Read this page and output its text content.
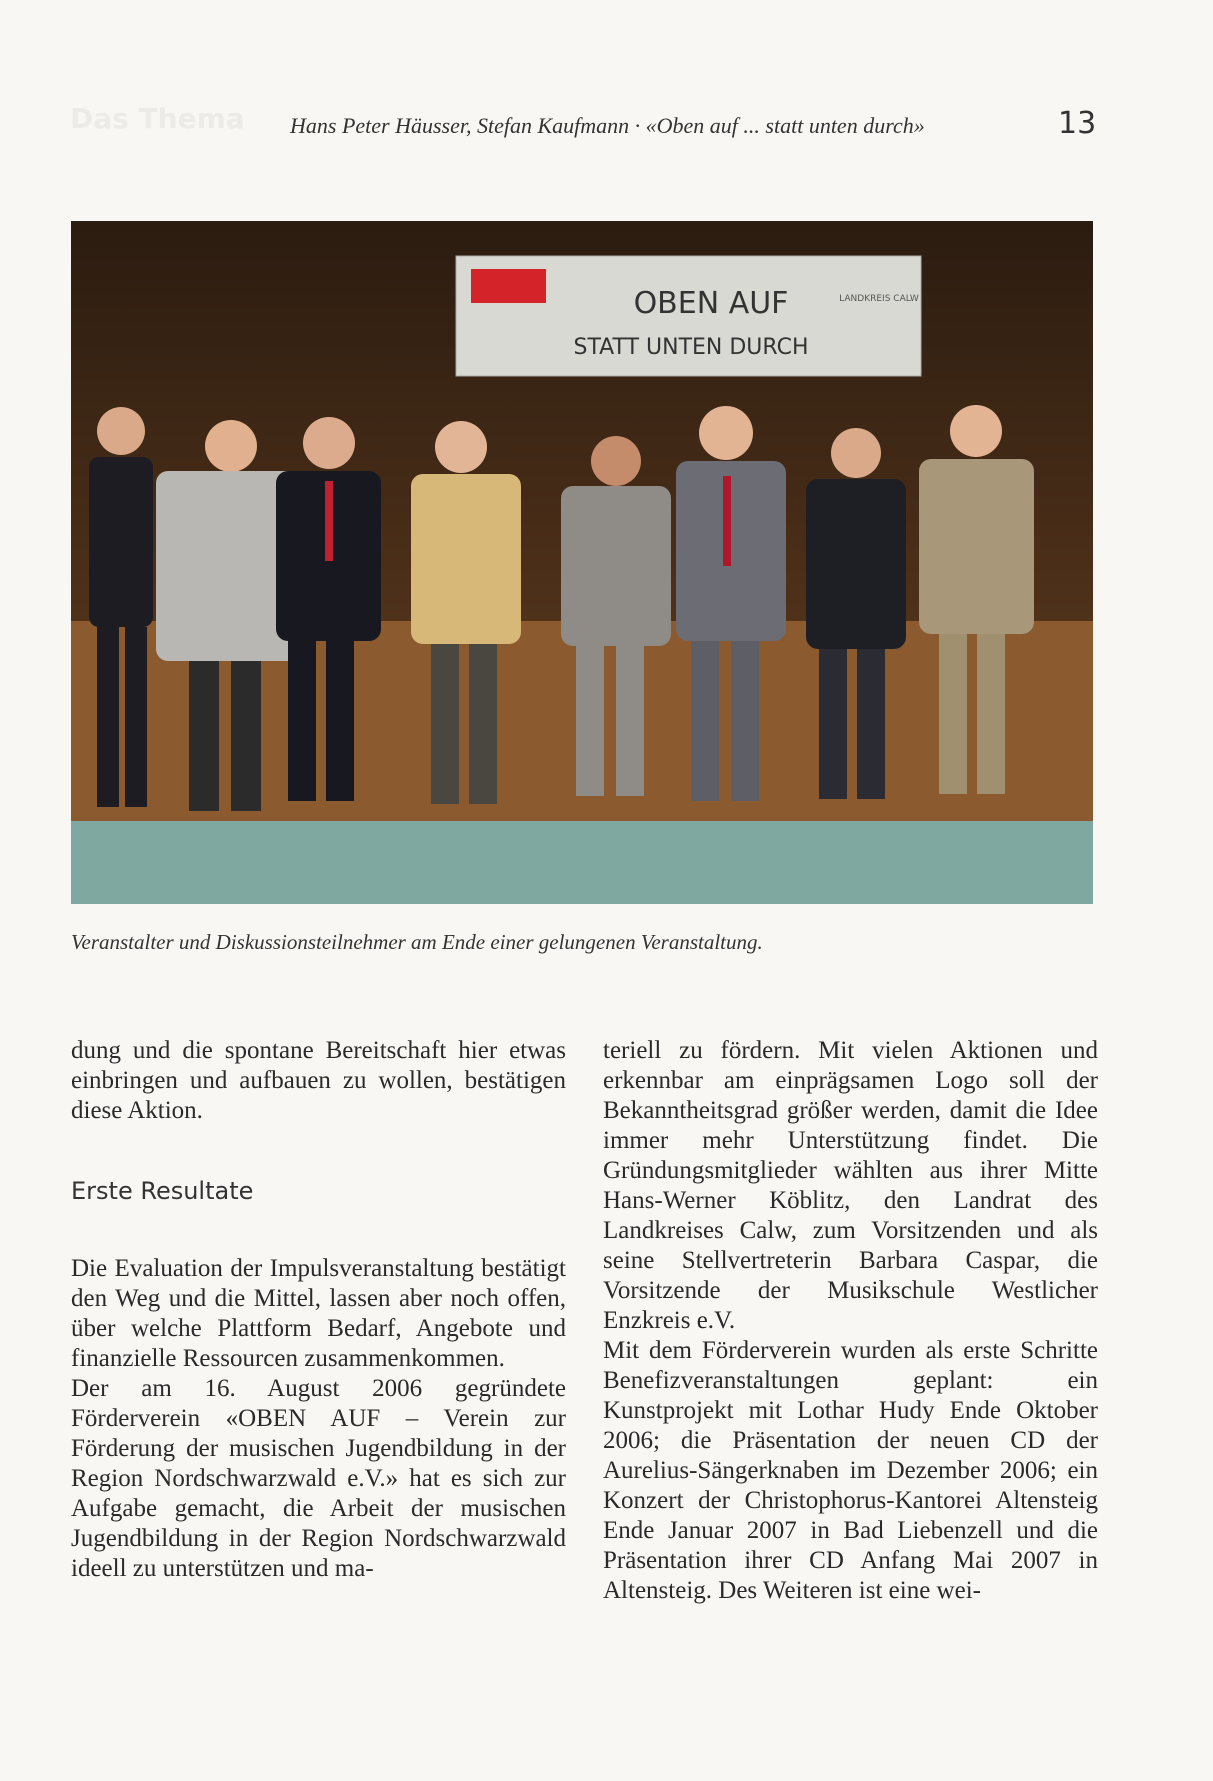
Das Thema Hans Peter Häusser, Stefan Kaufmann · «Oben auf ... statt unten durch»	13
OBEN AUF
STATT UNTEN DURCH
LANDKREIS CALW
Veranstalter und Diskussionsteilnehmer am Ende einer gelungenen Veranstaltung.

dung und die spontane Bereitschaft hier etwas einbringen und aufbauen zu wollen, bestätigen diese Aktion.

Erste Resultate

Die Evaluation der Impulsveranstaltung bestätigt den Weg und die Mittel, lassen aber noch offen, über welche Plattform Bedarf, Angebote und finanzielle Ressourcen zusammenkommen.

Der am 16. August 2006 gegründete Förderverein «OBEN AUF – Verein zur Förderung der musischen Jugendbildung in der Region Nordschwarzwald e.V.» hat es sich zur Aufgabe gemacht, die Arbeit der musischen Jugendbildung in der Region Nordschwarzwald ideell zu unterstützen und ma-

teriell zu fördern. Mit vielen Aktionen und erkennbar am einprägsamen Logo soll der Bekanntheitsgrad größer werden, damit die Idee immer mehr Unterstützung findet. Die Gründungsmitglieder wählten aus ihrer Mitte Hans-Werner Köblitz, den Landrat des Landkreises Calw, zum Vorsitzenden und als seine Stellvertreterin Barbara Caspar, die Vorsitzende der Musikschule Westlicher Enzkreis e.V.

Mit dem Förderverein wurden als erste Schritte Benefizveranstaltungen geplant: ein Kunstprojekt mit Lothar Hudy Ende Oktober 2006; die Präsentation der neuen CD der Aurelius-Sängerknaben im Dezember 2006; ein Konzert der Christophorus-Kantorei Altensteig Ende Januar 2007 in Bad Liebenzell und die Präsentation ihrer CD Anfang Mai 2007 in Altensteig. Des Weiteren ist eine wei-
